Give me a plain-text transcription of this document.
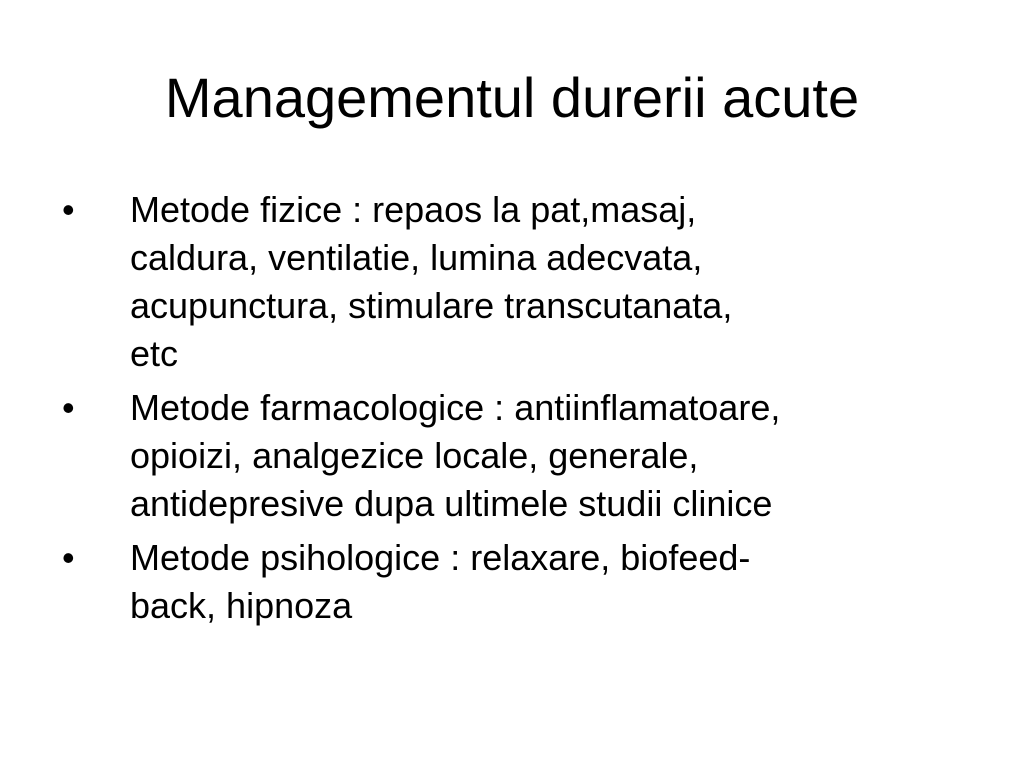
Managementul durerii acute
•	Metode fizice : repaos la pat,masaj,
caldura, ventilatie, lumina adecvata,
acupunctura, stimulare transcutanata,
etc
•	Metode farmacologice : antiinflamatoare,
opioizi, analgezice locale, generale,
antidepresive dupa ultimele studii clinice
•	Metode psihologice : relaxare, biofeed-
back, hipnoza
